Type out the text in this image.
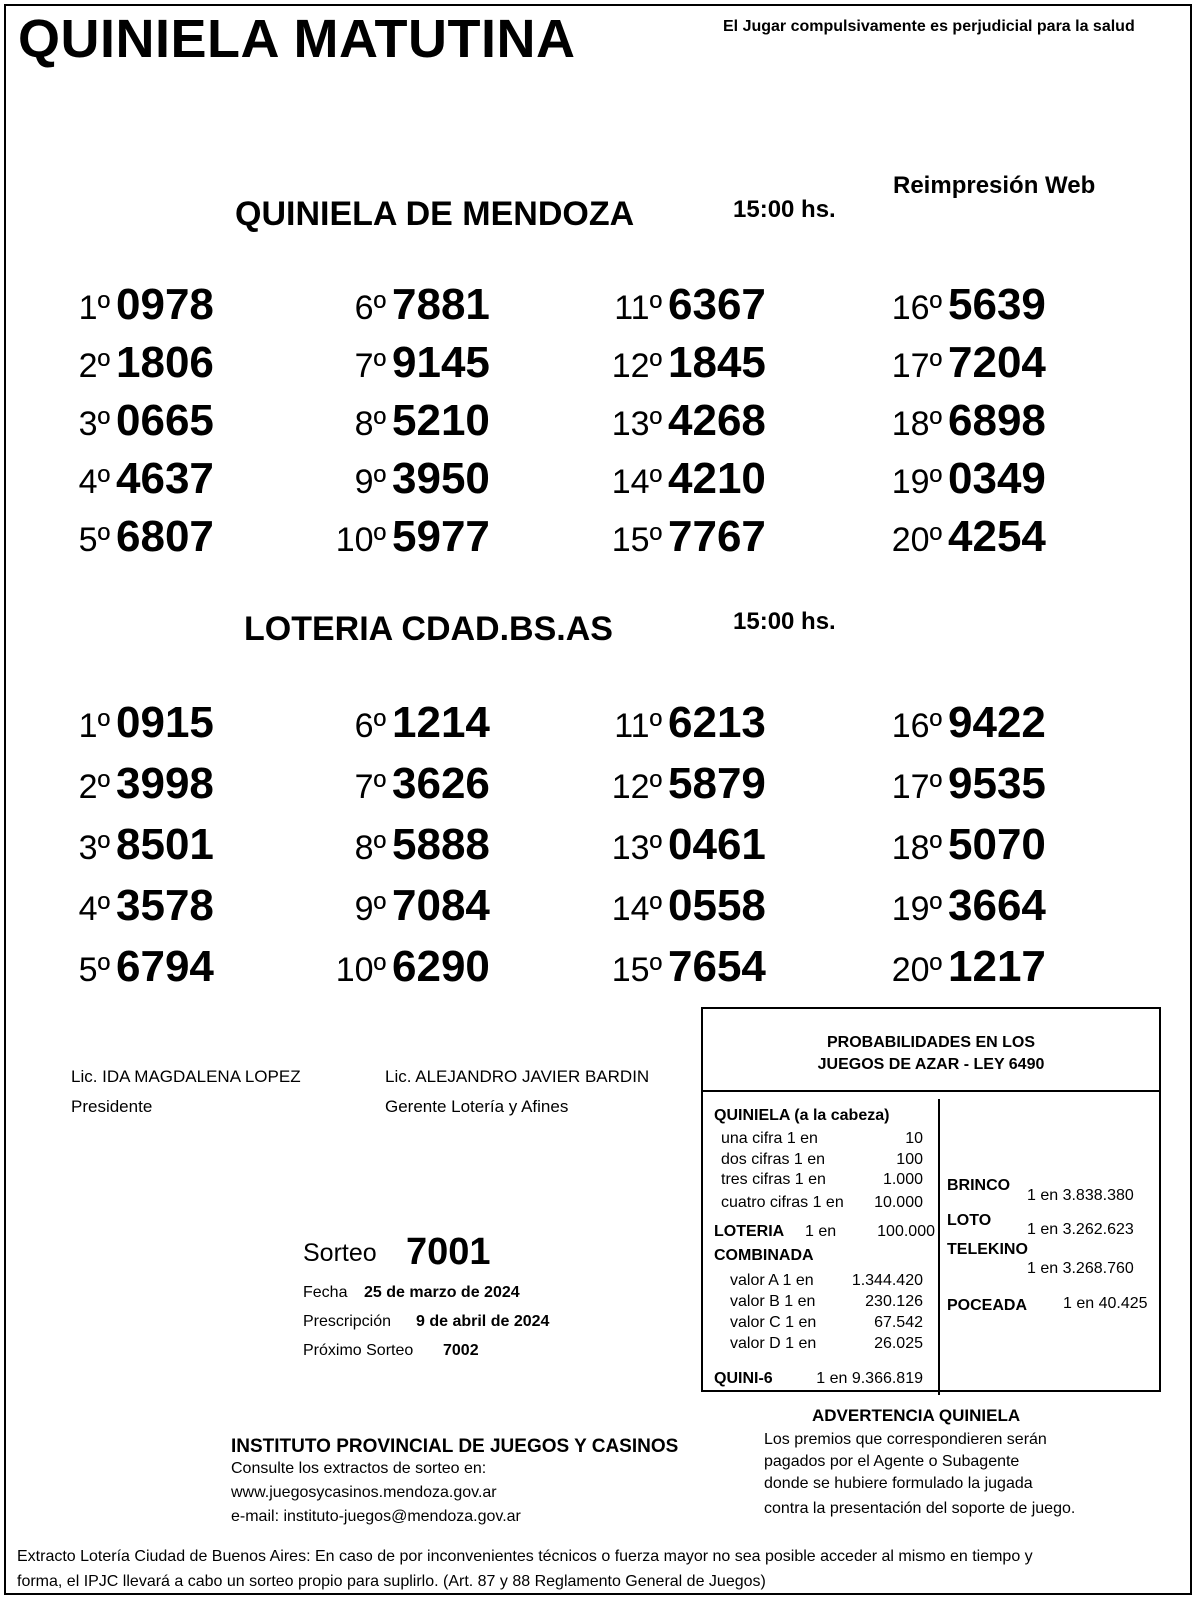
QUINIELA MATUTINA	El Jugar compulsivamente es perjudicial para la salud
Reimpresión Web
QUINIELA DE MENDOZA	15:00 hs.
1º 0978
2º 1806
3º 0665
4º 4637
5º 6807
6º 7881
7º 9145
8º 5210
9º 3950
10º 5977
11º 6367
12º 1845
13º 4268
14º 4210
15º 7767
16º 5639
17º 7204
18º 6898
19º 0349
20º 4254
LOTERIA CDAD.BS.AS	15:00 hs.
1º 0915
2º 3998
3º 8501
4º 3578
5º 6794
6º 1214
7º 3626
8º 5888
9º 7084
10º 6290
11º 6213
12º 5879
13º 0461
14º 0558
15º 7654
16º 9422
17º 9535
18º 5070
19º 3664
20º 1217
Lic. IDA MAGDALENA LOPEZ
Presidente
Lic. ALEJANDRO JAVIER BARDIN
Gerente Lotería y Afines
Sorteo 7001
Fecha 25 de marzo de 2024
Prescripción 9 de abril de 2024
Próximo Sorteo 7002
PROBABILIDADES EN LOS
JUEGOS DE AZAR - LEY 6490
QUINIELA (a la cabeza)
una cifra 1 en	10
dos cifras 1 en	100
tres cifras 1 en	1.000
cuatro cifras 1 en 10.000
LOTERIA 1 en	100.000
COMBINADA
valor A 1 en 1.344.420
valor B 1 en	230.126
valor C 1 en	67.542
valor D 1 en	26.025
QUINI-6	1 en 9.366.819
BRINCO
1 en 3.838.380
LOTO
1 en 3.262.623
TELEKINO
1 en 3.268.760
POCEADA 1 en 40.425
ADVERTENCIA QUINIELA
Los premios que correspondieren serán
pagados por el Agente o Subagente
donde se hubiere formulado la jugada
contra la presentación del soporte de juego.
INSTITUTO PROVINCIAL DE JUEGOS Y CASINOS
Consulte los extractos de sorteo en:
www.juegosycasinos.mendoza.gov.ar
e-mail: instituto-juegos@mendoza.gov.ar
Extracto Lotería Ciudad de Buenos Aires: En caso de por inconvenientes técnicos o fuerza mayor no sea posible acceder al mismo en tiempo y
forma, el IPJC llevará a cabo un sorteo propio para suplirlo. (Art. 87 y 88 Reglamento General de Juegos)
